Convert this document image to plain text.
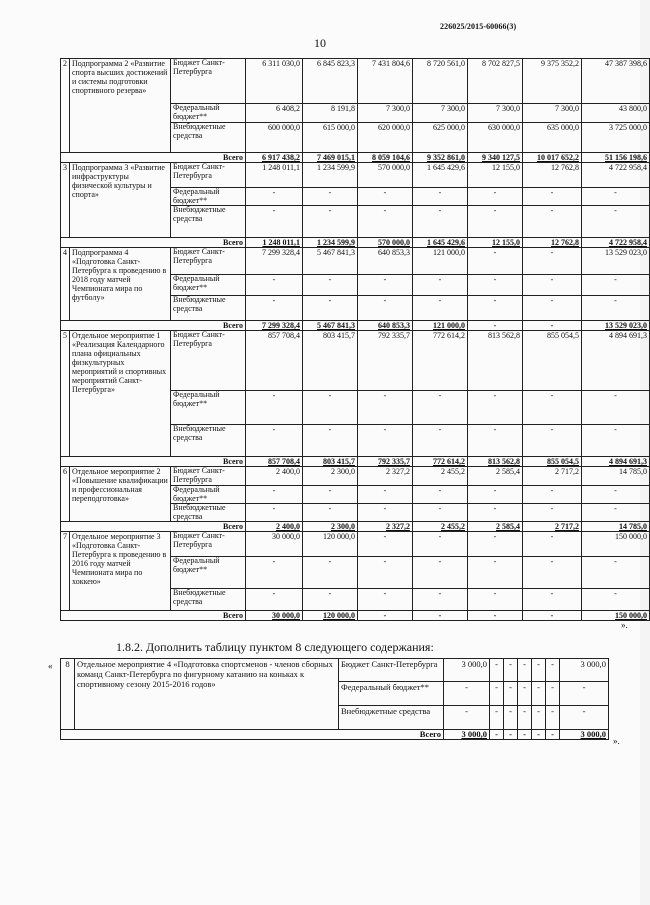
226025/2015-60066(3)
10
2	Подпрограмма 2 «Развитие спорта высших достижений и системы подготовки спортивного резерва»	Бюджет Санкт-Петербурга	6 311 030,0	6 845 823,3	7 431 804,6	8 720 561,0	8 702 827,5	9 375 352,2	47 387 398,6
		Федеральный бюджет**	6 408,2	8 191,8	7 300,0	7 300,0	7 300,0	7 300,0	43 800,0
		Внебюджетные средства	600 000,0	615 000,0	620 000,0	625 000,0	630 000,0	635 000,0	3 725 000,0
Всего			6 917 438,2	7 469 015,1	8 059 104,6	9 352 861,0	9 340 127,5	10 017 652,2	51 156 198,6
3	Подпрограмма 3 «Развитие инфраструктуры физической культуры и спорта»	Бюджет Санкт-Петербурга	1 248 011,1	1 234 599,9	570 000,0	1 645 429,6	12 155,0	12 762,8	4 722 958,4
		Федеральный бюджет**	-	-	-	-	-	-	-
		Внебюджетные средства	-	-	-	-	-	-	-
Всего			1 248 011,1	1 234 599,9	570 000,0	1 645 429,6	12 155,0	12 762,8	4 722 958,4
4	Подпрограмма 4 «Подготовка Санкт-Петербурга к проведению в 2018 году матчей Чемпионата мира по футболу»	Бюджет Санкт-Петербурга	7 299 328,4	5 467 841,3	640 853,3	121 000,0	-	-	13 529 023,0
		Федеральный бюджет**	-	-	-	-	-	-	-
		Внебюджетные средства	-	-	-	-	-	-	-
Всего			7 299 328,4	5 467 841,3	640 853,3	121 000,0	-	-	13 529 023,0
5	Отдельное мероприятие 1 «Реализация Календарного плана официальных физкультурных мероприятий и спортивных мероприятий Санкт-Петербурга»	Бюджет Санкт-Петербурга	857 708,4	803 415,7	792 335,7	772 614,2	813 562,8	855 054,5	4 894 691,3
		Федеральный бюджет**	-	-	-	-	-	-	-
		Внебюджетные средства	-	-	-	-	-	-	-
Всего			857 708,4	803 415,7	792 335,7	772 614,2	813 562,8	855 054,5	4 894 691,3
6	Отдельное мероприятие 2 «Повышение квалификации и профессиональная переподготовка»	Бюджет Санкт-Петербурга	2 400,0	2 300,0	2 327,2	2 455,2	2 585,4	2 717,2	14 785,0
		Федеральный бюджет**	-	-	-	-	-	-	-
		Внебюджетные средства	-	-	-	-	-	-	-
Всего			2 400,0	2 300,0	2 327,2	2 455,2	2 585,4	2 717,2	14 785,0
7	Отдельное мероприятие 3 «Подготовка Санкт-Петербурга к проведению в 2016 году матчей Чемпионата мира по хоккею»	Бюджет Санкт-Петербурга	30 000,0	120 000,0	-	-	-	-	150 000,0
		Федеральный бюджет**	-	-	-	-	-	-	-
		Внебюджетные средства	-	-	-	-	-	-	-
Всего			30 000,0	120 000,0	-	-	-	-	150 000,0
».
1.8.2. Дополнить таблицу пунктом 8 следующего содержания:
« 8	Отдельное мероприятие 4 «Подготовка спортсменов - членов сборных команд Санкт-Петербурга по фигурному катанию на коньках к спортивному сезону 2015-2016 годов»	Бюджет Санкт-Петербурга	3 000,0	-	-	-	-	-	3 000,0
		Федеральный бюджет**	-	-	-	-	-	-	-
		Внебюджетные средства	-	-	-	-	-	-	-
Всего			3 000,0	-	-	-	-	-	3 000,0
».
